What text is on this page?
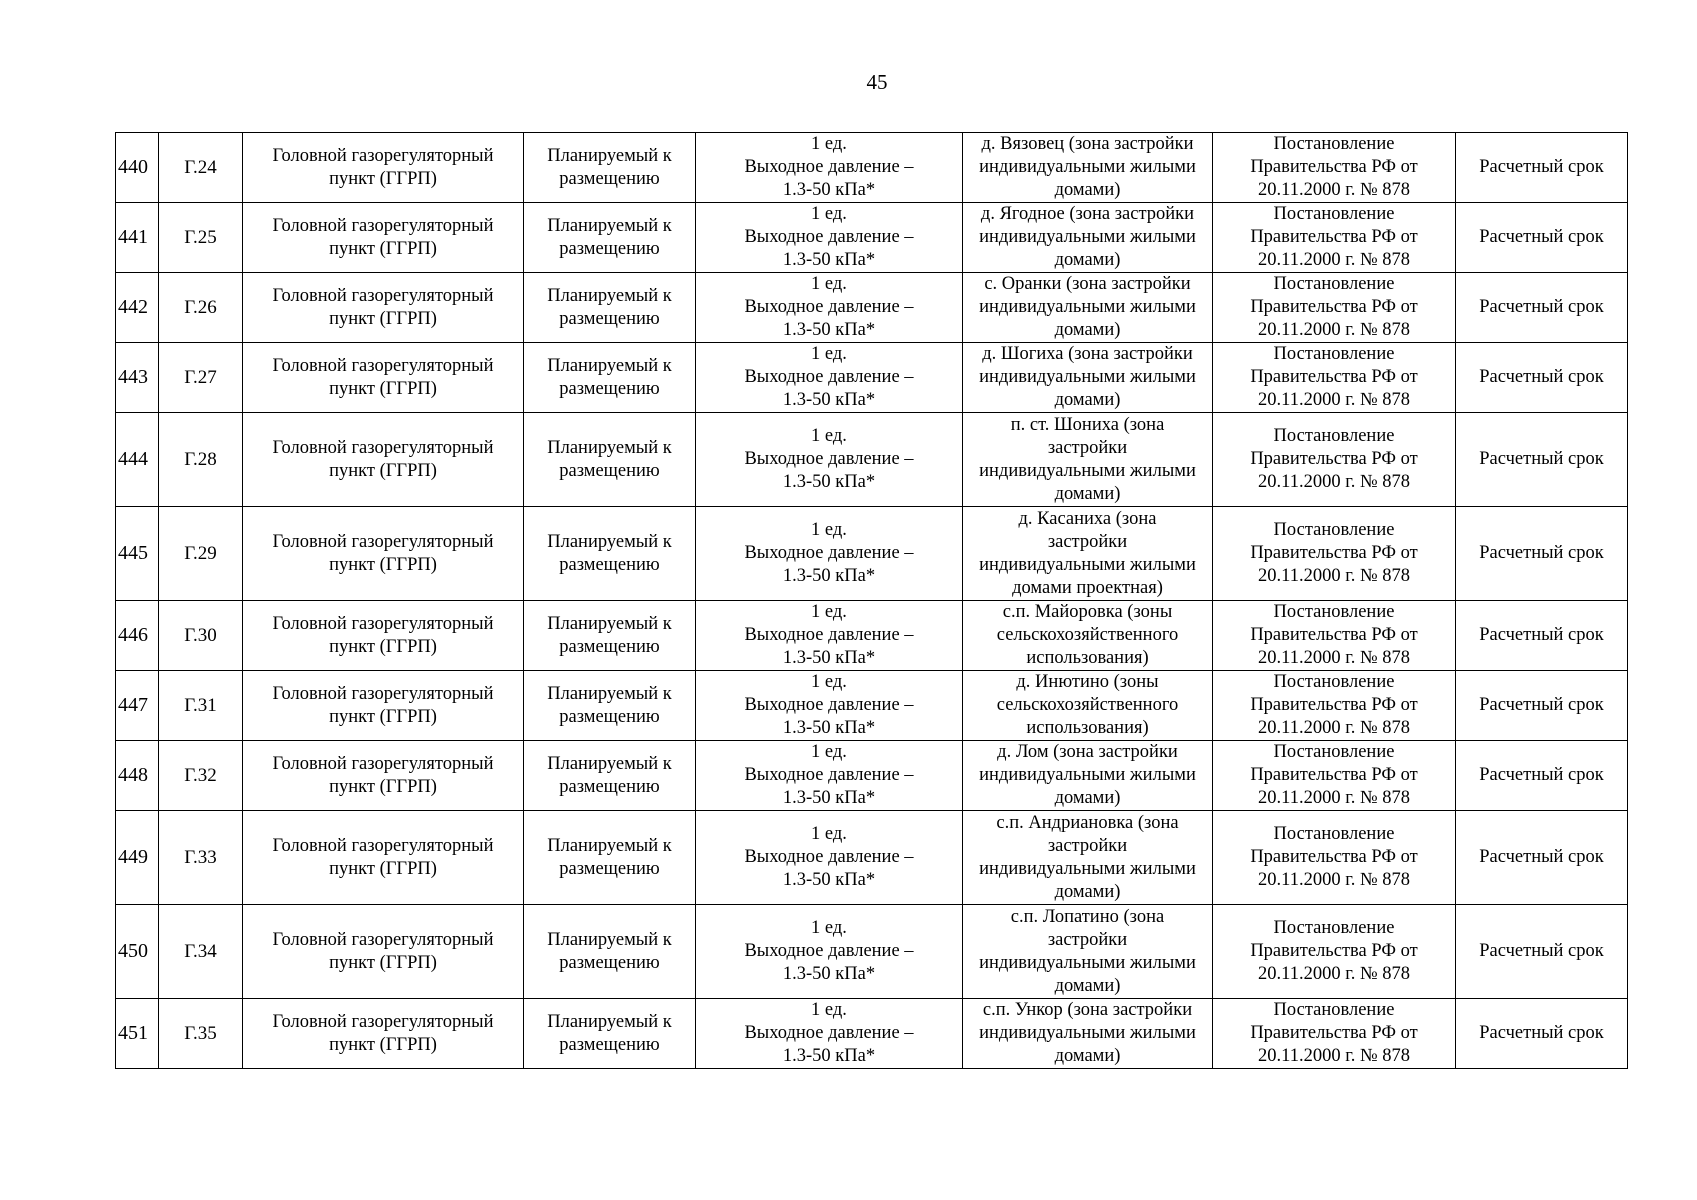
45
440	Г.24	Головной газорегуляторный
пункт (ГГРП)	Планируемый к
размещению	1 ед.
Выходное давление –
1.3-50 кПа*	д. Вязовец (зона застройки
индивидуальными жилыми
домами)	Постановление
Правительства РФ от
20.11.2000 г. № 878	Расчетный срок
441	Г.25	Головной газорегуляторный
пункт (ГГРП)	Планируемый к
размещению	1 ед.
Выходное давление –
1.3-50 кПа*	д. Ягодное (зона застройки
индивидуальными жилыми
домами)	Постановление
Правительства РФ от
20.11.2000 г. № 878	Расчетный срок
442	Г.26	Головной газорегуляторный
пункт (ГГРП)	Планируемый к
размещению	1 ед.
Выходное давление –
1.3-50 кПа*	с. Оранки (зона застройки
индивидуальными жилыми
домами)	Постановление
Правительства РФ от
20.11.2000 г. № 878	Расчетный срок
443	Г.27	Головной газорегуляторный
пункт (ГГРП)	Планируемый к
размещению	1 ед.
Выходное давление –
1.3-50 кПа*	д. Шогиха (зона застройки
индивидуальными жилыми
домами)	Постановление
Правительства РФ от
20.11.2000 г. № 878	Расчетный срок
444	Г.28	Головной газорегуляторный
пункт (ГГРП)	Планируемый к
размещению	1 ед.
Выходное давление –
1.3-50 кПа*	п. ст. Шониха (зона
застройки
индивидуальными жилыми
домами)	Постановление
Правительства РФ от
20.11.2000 г. № 878	Расчетный срок
445	Г.29	Головной газорегуляторный
пункт (ГГРП)	Планируемый к
размещению	1 ед.
Выходное давление –
1.3-50 кПа*	д. Касаниха (зона
застройки
индивидуальными жилыми
домами проектная)	Постановление
Правительства РФ от
20.11.2000 г. № 878	Расчетный срок
446	Г.30	Головной газорегуляторный
пункт (ГГРП)	Планируемый к
размещению	1 ед.
Выходное давление –
1.3-50 кПа*	с.п. Майоровка (зоны
сельскохозяйственного
использования)	Постановление
Правительства РФ от
20.11.2000 г. № 878	Расчетный срок
447	Г.31	Головной газорегуляторный
пункт (ГГРП)	Планируемый к
размещению	1 ед.
Выходное давление –
1.3-50 кПа*	д. Инютино (зоны
сельскохозяйственного
использования)	Постановление
Правительства РФ от
20.11.2000 г. № 878	Расчетный срок
448	Г.32	Головной газорегуляторный
пункт (ГГРП)	Планируемый к
размещению	1 ед.
Выходное давление –
1.3-50 кПа*	д. Лом (зона застройки
индивидуальными жилыми
домами)	Постановление
Правительства РФ от
20.11.2000 г. № 878	Расчетный срок
449	Г.33	Головной газорегуляторный
пункт (ГГРП)	Планируемый к
размещению	1 ед.
Выходное давление –
1.3-50 кПа*	с.п. Андриановка (зона
застройки
индивидуальными жилыми
домами)	Постановление
Правительства РФ от
20.11.2000 г. № 878	Расчетный срок
450	Г.34	Головной газорегуляторный
пункт (ГГРП)	Планируемый к
размещению	1 ед.
Выходное давление –
1.3-50 кПа*	с.п. Лопатино (зона
застройки
индивидуальными жилыми
домами)	Постановление
Правительства РФ от
20.11.2000 г. № 878	Расчетный срок
451	Г.35	Головной газорегуляторный
пункт (ГГРП)	Планируемый к
размещению	1 ед.
Выходное давление –
1.3-50 кПа*	с.п. Ункор (зона застройки
индивидуальными жилыми
домами)	Постановление
Правительства РФ от
20.11.2000 г. № 878	Расчетный срок
